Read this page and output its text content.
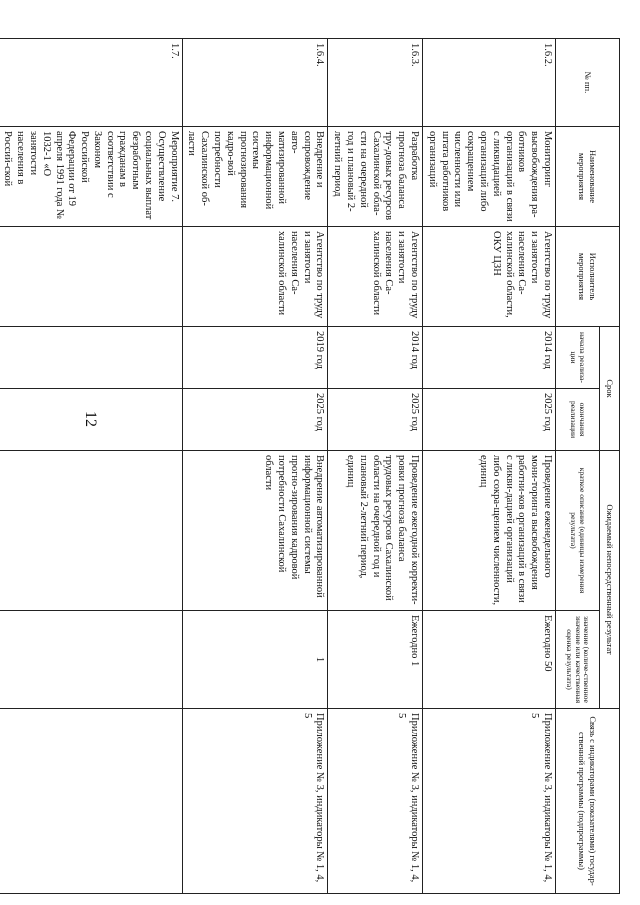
12
№ пп.	Наименование мероприятия	Исполнитель мероприятия	Срок		Ожидаемый непосредственный результат		Связь с индикаторами (показателями) государ-ственной программы (подпрограммы)
			начала реализа-ции	окончания реализации	краткое описание (единицы измерения результата)	значение (количе-ственное значение или качественная оценка результата)	
1.6.2.	Мониторинг высвобождения ра-ботников организаций в связи с ликвидацией организаций либо сокращением численности или штата работников организаций	Агентство по труду и занятости населения Са-халинской области, ОКУ ЦЗН	2014 год	2025 год	Проведение еженедельного мони-торинга высвобождения работни-ков организаций в связи с ликви-дацией организаций либо сокра-щением численности, единиц	Ежегодно 50	Приложение № 3, индикаторы № 1, 4, 5
1.6.3.	Разработка прогноза баланса тру-довых ресурсов Сахалинской обла-сти на очередной год и плановый 2-летний период	Агентство по труду и занятости населения Са-халинской области	2014 год	2025 год	Проведение ежегодной корректи-ровки прогноза баланса трудовых ресурсов Сахалинской области на очередной год и плановый 2-летний период, единиц	Ежегодно 1	Приложение № 3, индикаторы № 1, 4, 5
1.6.4.	Внедрение и сопровождение авто-матизированной информационной системы прогнозирования кадро-вой потребности Сахалинской об-ласти	Агентство по труду и занятости населения Са-халинской области	2019 год	2025 год	Внедрение автоматизированной информационной системы прогно-зирования кадровой потребности Сахалинской области	1	Приложение № 3, индикаторы № 1, 4, 5
1.7.	Мероприятие 7. Осуществление социальных выплат безработным гражданам в соответствии с Законом Российской Федерации от 19 апреля 1991 года № 1032-1 «О занятости населения в Россий-ской						
